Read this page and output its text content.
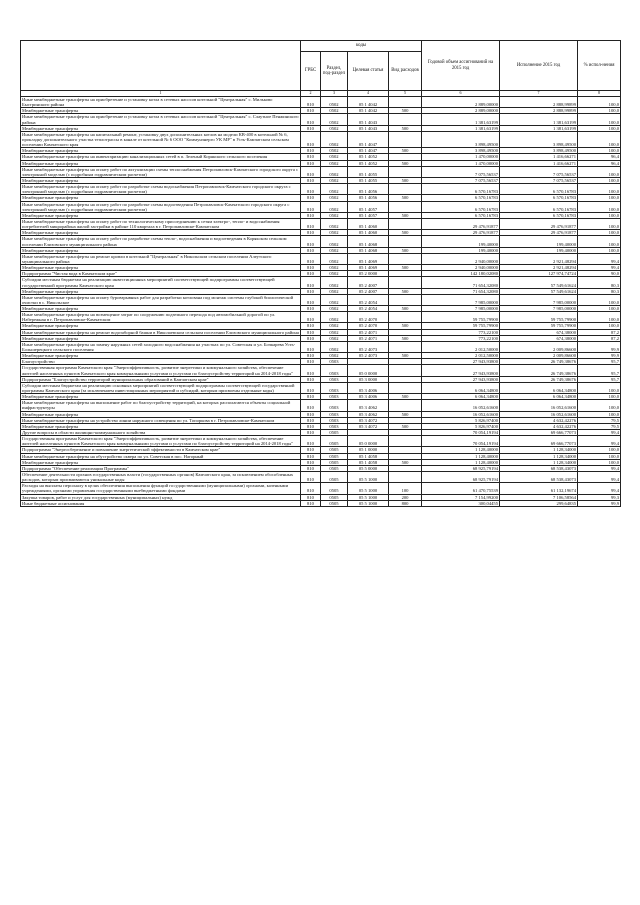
	коды				Годовой объем ассигнований на 2015 год	Исполнение 2015 год	% испол-нения
	ГРБС	Раздел, под-раздел	Целевая статья	Вид расходов			
1	2	3	4	5	6	7	8
Иные межбюджетные трансферты на приобретение и установку котла в сетевых насосов котельной "Центральная" с. Мильково Быстринского района	810	0502	05 1 4042		2 889,00000	2 888,99899	100,0
Межбюджетные трансферты	810	0502	05 1 4042	500	2 889,00000	2 888,99899	100,0
Иные межбюджетные трансферты на приобретение и установку котла в сетевых насосов котельной "Центральная" с. Слаутное Пенжинского района	810	0502	05 1 4043		1 381,63199	1 381,63199	100,0
Межбюджетные трансферты	810	0502	05 1 4043	500	1 381,63199	1 381,63199	100,0
Иные межбюджетные трансферты на капитальный ремонт, установку двух дополнительных котлов на модели КВ-400 в котельной № 6, прокладку дополнительного участка теплотрассы в канале от котельной № 6 ООО "Коммунэнерго УК МР" в Усть-Камчатском сельском поселении Камчатского края	810	0502	05 1 4047		3 898,49500	3 898,49500	100,0
Межбюджетные трансферты	810	0502	05 1 4047	500	3 898,49500	3 898,49500	100,0
Иные межбюджетные трансферты на инвентаризацию канализационных сетей в п. Зеленый Корякского сельского поселения	810	0502	05 1 4052		1 470,00000	1 416,66271	96,4
Межбюджетные трансферты	810	0502	05 1 4052	500	1 470,00000	1 416,66271	96,4
Иные межбюджетные трансферты на оплату работ по актуализации схемы теплоснабжения Петропавловск-Камчатского городского округа с электронной моделью (с подробным гидравлическим расчетом)	810	0502	05 1 4055		7 075,56537	7 075,56537	100,0
Межбюджетные трансферты	810	0502	05 1 4055	500	7 075,56537	7 075,56537	100,0
Иные межбюджетные трансферты на оплату работ по разработке схемы водоснабжения Петропавловск-Камчатского городского округа с электронной моделью (с подробным гидравлическим расчетом)	810	0502	05 1 4056		6 570,16783	6 570,16783	100,0
Межбюджетные трансферты	810	0502	05 1 4056	500	6 570,16783	6 570,16783	100,0
Иные межбюджетные трансферты на оплату работ по разработке схемы водоотведения Петропавловск-Камчатского городского округа с электронной моделью (с подробным гидравлическим расчетом)	810	0502	05 1 4057		6 570,16783	6 570,16783	100,0
Межбюджетные трансферты	810	0502	05 1 4057	500	6 570,16783	6 570,16783	100,0
Иные межбюджетные трансферты на оплату работ по технологическому присоединению к сетям электро-, тепло- и водоснабжения потребителей микрорайона жилой застройки в районе 110 квартала в г. Петропавловске-Камчатском	810	0502	05 1 4060		29 476,91877	29 476,91877	100,0
Межбюджетные трансферты	810	0502	05 1 4060	500	29 476,91877	29 476,91877	100,0
Иные межбюджетные трансферты на оплату работ по разработке схемы тепло-, водоснабжения и водоотведения в Корякском сельском поселении Елизовского муниципального района	810	0502	05 1 4068		199,40000	199,40000	100,0
Межбюджетные трансферты	810	0502	05 1 4068	500	199,40000	199,40000	100,0
Иные межбюджетные трансферты на ремонт кровли в котельной "Центральная" в Никольском сельском поселении Алеутского муниципального района	810	0502	05 1 4069		2 940,00000	2 921,48294	99,4
Межбюджетные трансферты	810	0502	05 1 4069	500	2 940,00000	2 921,48294	99,4
Подпрограмма "Чистая вода в Камчатском крае"	810	0502	05 2 0000		142 180,02080	127 974,74724	90,0
Субсидии местным бюджетам на реализацию инвестиционных мероприятий соответствующей подпрограммы соответствующей государственной программы Камчатского края	810	0502	05 2 4007		71 654,32080	57 549,61624	80,3
Межбюджетные трансферты	810	0502	05 2 4007	500	71 654,32080	57 549,61624	80,3
Иные межбюджетные трансферты на оплату буровзрывных работ для разработки котлована под монтаж системы глубокой биологической очистки в с. Никольское	810	0502	05 2 4054		7 985,00000	7 985,00000	100,0
Межбюджетные трансферты	810	0502	05 2 4054	500	7 985,00000	7 985,00000	100,0
Иные межбюджетные трансферты на возмещение затрат по сооружению подземного перехода под автомобильной дорогой по ул. Набережная в г. Петропавловске-Камчатском	810	0502	05 2 4070		59 755,79900	59 755,79900	100,0
Межбюджетные трансферты	810	0502	05 2 4070	500	59 755,79900	59 755,79900	100,0
Иные межбюджетные трансферты на ремонт водозаборной башни в Николаевском сельском поселении Елизовского муниципального района	810	0502	05 2 4071		773,22100	674,38000	87,2
Межбюджетные трансферты	810	0502	05 2 4071	500	773,22100	674,38000	87,2
Иные межбюджетные трансферты на замену наружных сетей холодного водоснабжения на участках по ул. Советская и ул. Бочкарева Усть-Большерецкого сельского поселения	810	0502	05 2 4073		2 012,50000	2 009,86600	99,9
Межбюджетные трансферты	810	0502	05 2 4073	500	2 012,50000	2 009,86600	99,9
Благоустройство	810	0503			27 943,93800	26 749,38676	95,7
Государственная программа Камчатского края "Энергоэффективность, развитие энергетики и коммунального хозяйства, обеспечение жителей населенных пунктов Камчатского края коммунальными услугами и услугами по благоустройству территорий на 2014-2018 годы"	810	0503	05 0 0000		27 943,93800	26 749,38676	95,7
Подпрограмма "Благоустройство территорий муниципальных образований в Камчатском крае"	810	0503	05 3 0000		27 943,93800	26 749,38676	95,7
Субсидии местным бюджетам на реализацию основных мероприятий соответствующей подпрограммы соответствующей государственной программы Камчатского края (за исключением инвестиционных мероприятий и субсидий, которым присвоены отдельные коды)	810	0503	05 3 4006		6 064,34800	6 064,34800	100,0
Межбюджетные трансферты	810	0503	05 3 4006	500	6 064,34800	6 064,34800	100,0
Иные межбюджетные трансферты на выполнение работ по благоустройству территорий, на которых располагаются объекты социальной инфраструктуры	810	0503	05 3 4062		16 052,61600	16 052,61600	100,0
Межбюджетные трансферты	810	0503	05 3 4062	500	16 052,61600	16 052,61600	100,0
Иные межбюджетные трансферты на устройство линии наружного освещения по ул. Топоркова в г. Петропавловске-Камчатском	810	0503	05 3 4072		5 826,97400	4 632,42276	79,5
Межбюджетные трансферты	810	0503	05 3 4072	500	5 826,97400	4 632,42276	79,5
Другие вопросы в области жилищно-коммунального хозяйства	810	0505			70 054,19194	69 666,77073	99,4
Государственная программа Камчатского края "Энергоэффективность, развитие энергетики и коммунального хозяйства, обеспечение жителей населенных пунктов Камчатского края коммунальными услугами и услугами по благоустройству территорий на 2014-2018 годы"	810	0505	05 0 0000		70 054,19194	69 666,77073	99,4
Подпрограмма "Энергосбережение и повышение энергетической эффективности в Камчатском крае"	810	0505	05 1 0000		1 128,40000	1 128,34000	100,0
Иные межбюджетные трансферты на обустройство сквера по ул. Советская в пос. Нагорный	810	0505	05 1 4058		1 128,40000	1 128,34000	100,0
Межбюджетные трансферты	810	0505	05 1 4058	500	1 128,40000	1 128,34000	100,0
Подпрограмма "Обеспечение реализации Программы"	810	0505	05 5 0000		68 925,79194	68 538,43073	99,4
Обеспечение деятельности органов государственных власти (государственных органов) Камчатского края, за исключением обособленных расходов, которым присваиваются уникальные коды	810	0505	05 5 1000		68 925,79194	68 538,43073	99,4
Расходы на выплаты персоналу в целях обеспечения выполнения функций государственными (муниципальными) органами, казенными учреждениями, органами управления государственными внебюджетными фондами	810	0505	05 5 1000	100	61 470,75539	61 132,19674	99,4
Закупка товаров, работ и услуг для государственных (муниципальных) нужд	810	0505	05 5 1000	200	7 154,99200	7 106,58564	99,3
Иные бюджетные ассигнования	810	0505	05 5 1000	800	300,04455	299,64835	99,9
